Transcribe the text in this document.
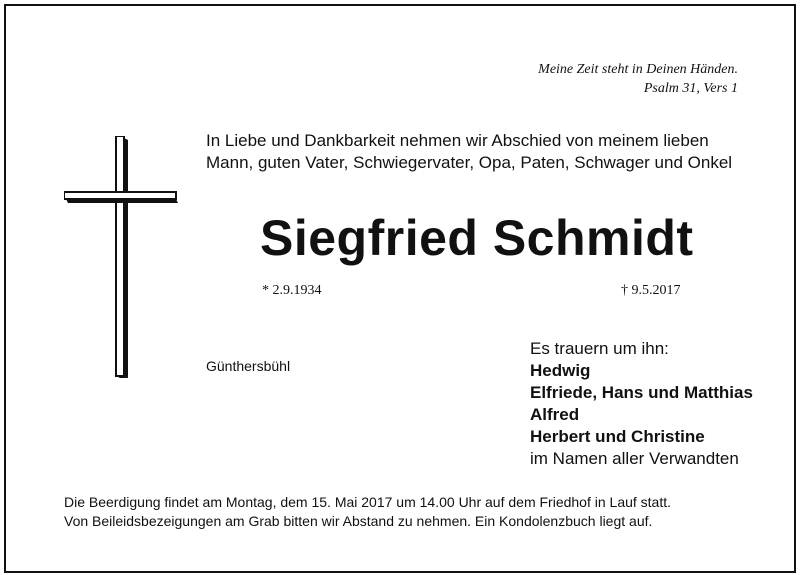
Meine Zeit steht in Deinen Händen.
Psalm 31, Vers 1
In Liebe und Dankbarkeit nehmen wir Abschied von meinem lieben
Mann, guten Vater, Schwiegervater, Opa, Paten, Schwager und Onkel
Siegfried Schmidt
* 2.9.1934	† 9.5.2017
Günthersbühl
Es trauern um ihn:
Hedwig
Elfriede, Hans und Matthias
Alfred
Herbert und Christine
im Namen aller Verwandten
Die Beerdigung findet am Montag, dem 15. Mai 2017 um 14.00 Uhr auf dem Friedhof in Lauf statt.
Von Beileidsbezeigungen am Grab bitten wir Abstand zu nehmen. Ein Kondolenzbuch liegt auf.
